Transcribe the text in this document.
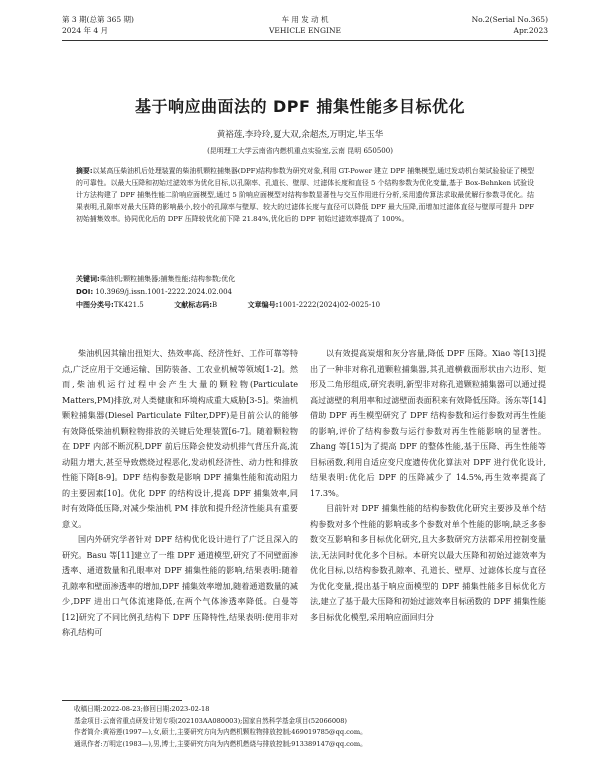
第 3 期(总第 365 期)
2024 年 4 月
车 用 发 动 机
VEHICLE ENGINE
No.2(Serial No.365)
Apr.2023
基于响应曲面法的 DPF 捕集性能多目标优化
黄裕莲,李玲玲,夏大双,余超杰,万明定,毕玉华
(昆明理工大学云南省内燃机重点实验室,云南 昆明 650500)
摘要:以某高压柴油机后处理装置的柴油机颗粒捕集器(DPF)结构参数为研究对象,利用 GT-Power 建立 DPF 捕集模型,通过发动机台架试验验证了模型的可靠性。以最大压降和初始过滤效率为优化目标,以孔隙率、孔道长、壁厚、过滤体长度和直径 5 个结构参数为优化变量,基于 Box-Behnken 试验设计方法构建了 DPF 捕集性能二阶响应面模型,通过 5 阶响应面模型对结构参数显著性与交互作用进行分析,采用遗传算法求取最优解行参数寻优化。结果表明,孔隙率对最大压降的影响最小,较小的孔隙率与壁厚、较大的过滤体长度与直径可以降低 DPF 最大压降,而增加过滤体直径与壁厚可提升 DPF 初始捕集效率。协同优化后的 DPF 压降较优化前下降 21.84%,优化后的 DPF 初始过滤效率提高了 100%。
关键词:柴油机;颗粒捕集器;捕集性能;结构参数;优化
DOI: 10.3969/j.issn.1001-2222.2024.02.004
中图分类号:TK421.5	文献标志码:B	文章编号:1001-2222(2024)02-0025-10

柴油机因其输出扭矩大、热效率高、经济性好、工作可靠等特点,广泛应用于交通运输、国防装备、工农业机械等领域[1-2]。然而,柴油机运行过程中会产生大量的颗粒物(Particulate Matters,PM)排放,对人类健康和环境构成重大威胁[3-5]。柴油机颗粒捕集器(Diesel Particulate Filter,DPF)是目前公认的能够有效降低柴油机颗粒物排放的关键后处理装置[6-7]。随着颗粒物在 DPF 内部不断沉积,DPF 前后压降会使发动机排气背压升高,流动阻力增大,甚至导致燃烧过程恶化,发动机经济性、动力性和排放性能下降[8-9]。DPF 结构参数是影响 DPF 捕集性能和流动阻力的主要因素[10]。优化 DPF 的结构设计,提高 DPF 捕集效率,同时有效降低压降,对减少柴油机 PM 排放和提升经济性能具有重要意义。

国内外研究学者针对 DPF 结构优化设计进行了广泛且深入的研究。Basu 等[11]建立了一维 DPF 通道模型,研究了不同壁面渗透率、通道数量和孔眼率对 DPF 捕集性能的影响,结果表明:随着孔隙率和壁面渗透率的增加,DPF 捕集效率增加,随着通道数量的减少,DPF 进出口气体流速降低,在两个气体渗透率降低。白曼等[12]研究了不同比例孔结构下 DPF 压降特性,结果表明:使用非对称孔结构可

以有效提高炭烟和灰分容量,降低 DPF 压降。Xiao 等[13]提出了一种非对称孔道颗粒捕集器,其孔道横截面形状由六边形、矩形及二角形组成,研究表明,新型非对称孔道颗粒捕集器可以通过提高过滤壁的利用率和过滤壁面表面积来有效降低压降。汤东等[14]借助 DPF 再生模型研究了 DPF 结构参数和运行参数对再生性能的影响,评价了结构参数与运行参数对再生性能影响的显著性。Zhang 等[15]为了提高 DPF 的整体性能,基于压降、再生性能等目标函数,利用自适应变尺度遗传优化算法对 DPF 进行优化设计,结果表明:优化后 DPF 的压降减少了 14.5%,再生效率提高了 17.3%。

目前针对 DPF 捕集性能的结构参数优化研究主要涉及单个结构参数对多个性能的影响或多个参数对单个性能的影响,缺乏多参数交互影响和多目标优化研究,且大多数研究方法都采用控制变量法,无法同时优化多个目标。本研究以最大压降和初始过滤效率为优化目标,以结构参数孔隙率、孔道长、壁厚、过滤体长度与直径为优化变量,提出基于响应面模型的 DPF 捕集性能多目标优化方法,建立了基于最大压降和初始过滤效率目标函数的 DPF 捕集性能多目标优化模型,采用响应面回归分

收稿日期:2022-08-23;修回日期:2023-02-18
基金项目:云南省重点研发计划专项(202103AA080003);国家自然科学基金项目(52066008)
作者简介:黄裕莲(1997—),女,硕士,主要研究方向为内燃机颗粒物排放控制;469019785@qq.com。
通讯作者:万明定(1983—),男,博士,主要研究方向为内燃机燃烧与排放控制;913389147@qq.com。
